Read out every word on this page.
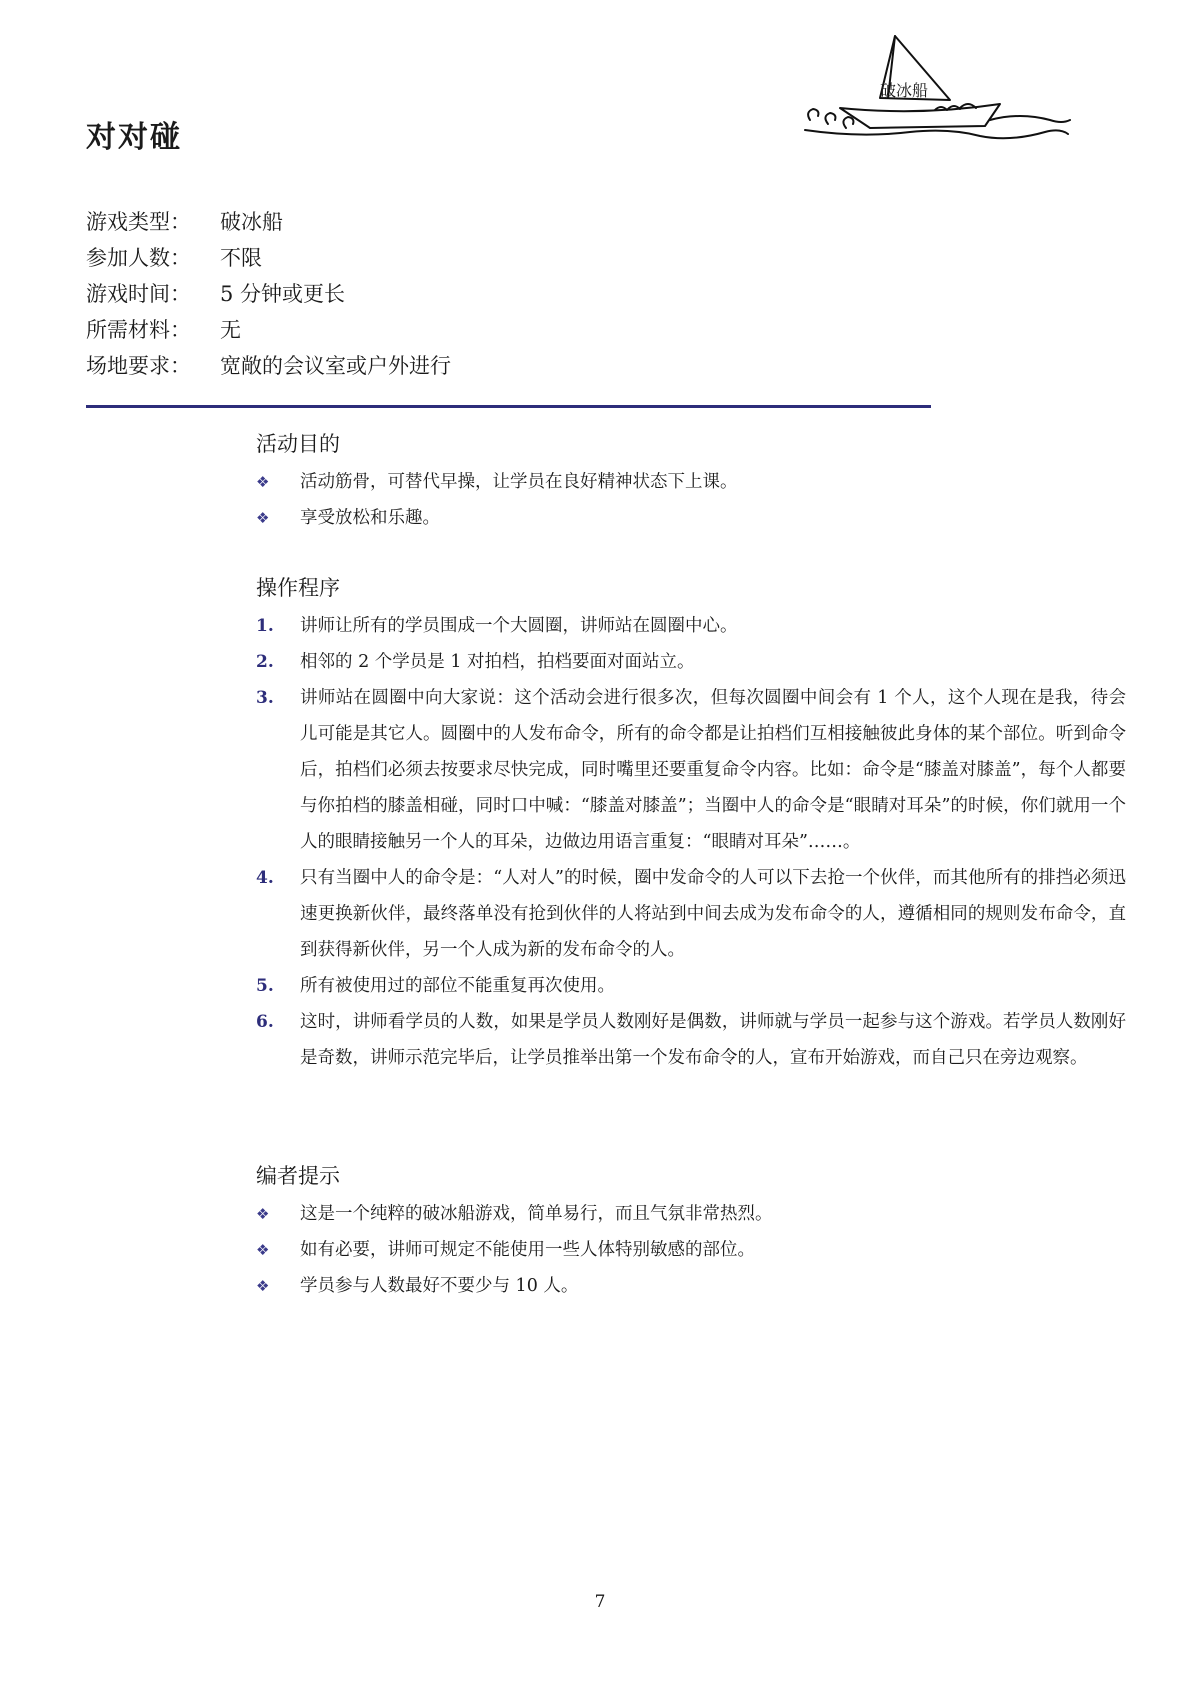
对对碰
破冰船
游戏类型：	破冰船
参加人数：	不限
游戏时间：	5 分钟或更长
所需材料：	无
场地要求：	宽敞的会议室或户外进行
活动目的
❖	活动筋骨，可替代早操，让学员在良好精神状态下上课。
❖	享受放松和乐趣。
操作程序
1.	讲师让所有的学员围成一个大圆圈，讲师站在圆圈中心。
2.	相邻的 2 个学员是 1 对拍档，拍档要面对面站立。
3.	讲师站在圆圈中向大家说：这个活动会进行很多次，但每次圆圈中间会有 1 个人，这个人现在是我，待会儿可能是其它人。圆圈中的人发布命令，所有的命令都是让拍档们互相接触彼此身体的某个部位。听到命令后，拍档们必须去按要求尽快完成，同时嘴里还要重复命令内容。比如：命令是“膝盖对膝盖”，每个人都要与你拍档的膝盖相碰，同时口中喊：“膝盖对膝盖”；当圈中人的命令是“眼睛对耳朵”的时候，你们就用一个人的眼睛接触另一个人的耳朵，边做边用语言重复：“眼睛对耳朵”……。
4.	只有当圈中人的命令是：“人对人”的时候，圈中发命令的人可以下去抢一个伙伴，而其他所有的排挡必须迅速更换新伙伴，最终落单没有抢到伙伴的人将站到中间去成为发布命令的人，遵循相同的规则发布命令，直到获得新伙伴，另一个人成为新的发布命令的人。
5.	所有被使用过的部位不能重复再次使用。
6.	这时，讲师看学员的人数，如果是学员人数刚好是偶数，讲师就与学员一起参与这个游戏。若学员人数刚好是奇数，讲师示范完毕后，让学员推举出第一个发布命令的人，宣布开始游戏，而自己只在旁边观察。
编者提示
❖	这是一个纯粹的破冰船游戏，简单易行，而且气氛非常热烈。
❖	如有必要，讲师可规定不能使用一些人体特别敏感的部位。
❖	学员参与人数最好不要少与 10 人。
7
